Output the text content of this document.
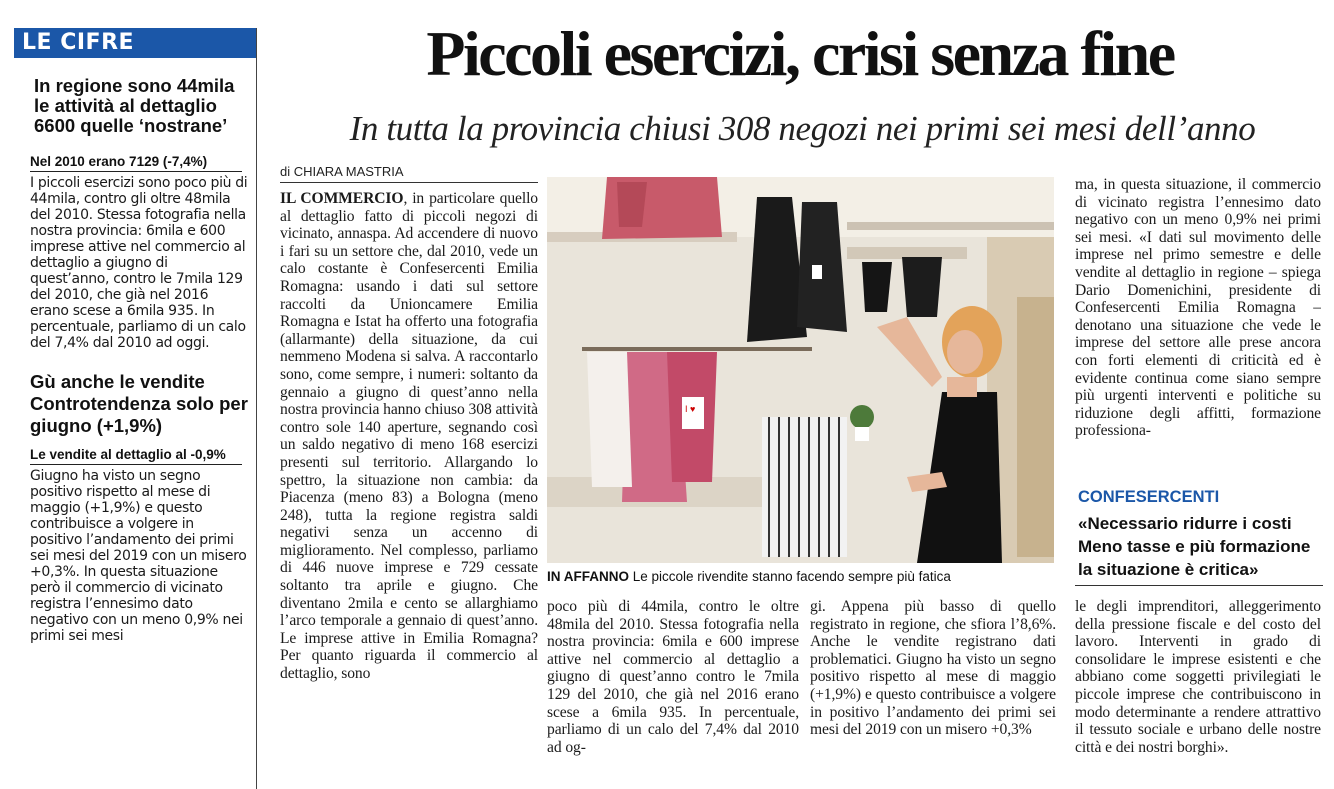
LE CIFRE
In regione sono 44mila le attività al dettaglio 6600 quelle ‘nostrane’
Nel 2010 erano 7129 (-7,4%)
I piccoli esercizi sono poco più di 44mila, contro gli oltre 48mila del 2010. Stessa fotografia nella nostra provincia: 6mila e 600 imprese attive nel commercio al dettaglio a giugno di quest’anno, contro le 7mila 129 del 2010, che già nel 2016 erano scese a 6mila 935. In percentuale, parliamo di un calo del 7,4% dal 2010 ad oggi.
Gù anche le vendite Controtendenza solo per giugno (+1,9%)
Le vendite al dettaglio al -0,9%
Giugno ha visto un segno positivo rispetto al mese di maggio (+1,9%) e questo contribuisce a volgere in positivo l’andamento dei primi sei mesi del 2019 con un misero +0,3%. In questa situazione però il commercio di vicinato registra l’ennesimo dato negativo con un meno 0,9% nei primi sei mesi
Piccoli esercizi, crisi senza fine
In tutta la provincia chiusi 308 negozi nei primi sei mesi dell’anno
di CHIARA MASTRIA
IL COMMERCIO, in particolare quello al dettaglio fatto di piccoli negozi di vicinato, annaspa. Ad accendere di nuovo i fari su un settore che, dal 2010, vede un calo costante è Confesercenti Emilia Romagna: usando i dati sul settore raccolti da Unioncamere Emilia Romagna e Istat ha offerto una fotografia (allarmante) della situazione, da cui nemmeno Modena si salva. A raccontarlo sono, come sempre, i numeri: soltanto da gennaio a giugno di quest’anno nella nostra provincia hanno chiuso 308 attività contro sole 140 aperture, segnando così un saldo negativo di meno 168 esercizi presenti sul territorio. Allargando lo spettro, la situazione non cambia: da Piacenza (meno 83) a Bologna (meno 248), tutta la regione registra saldi negativi senza un accenno di miglioramento. Nel complesso, parliamo di 446 nuove imprese e 729 cessate soltanto tra aprile e giugno. Che diventano 2mila e cento se allarghiamo l’arco temporale a gennaio di quest’anno. Le imprese attive in Emilia Romagna? Per quanto riguarda il commercio al dettaglio, sono
I ♥
IN AFFANNO Le piccole rivendite stanno facendo sempre più fatica
poco più di 44mila, contro le oltre 48mila del 2010. Stessa fotografia nella nostra provincia: 6mila e 600 imprese attive nel commercio al dettaglio a giugno di quest’anno contro le 7mila 129 del 2010, che già nel 2016 erano scese a 6mila 935. In percentuale, parliamo di un calo del 7,4% dal 2010 ad og-
gi. Appena più basso di quello registrato in regione, che sfiora l’8,6%. Anche le vendite registrano dati problematici. Giugno ha visto un segno positivo rispetto al mese di maggio (+1,9%) e questo contribuisce a volgere in positivo l’andamento dei primi sei mesi del 2019 con un misero +0,3%
ma, in questa situazione, il commercio di vicinato registra l’ennesimo dato negativo con un meno 0,9% nei primi sei mesi. «I dati sul movimento delle imprese nel primo semestre e delle vendite al dettaglio in regione – spiega Dario Domenichini, presidente di Confesercenti Emilia Romagna – denotano una situazione che vede le imprese del settore alle prese ancora con forti elementi di criticità ed è evidente continua come siano sempre più urgenti interventi e politiche su riduzione degli affitti, formazione professiona-
CONFESERCENTI
«Necessario ridurre i costi Meno tasse e più formazione la situazione è critica»
le degli imprenditori, alleggerimento della pressione fiscale e del costo del lavoro. Interventi in grado di consolidare le imprese esistenti e che abbiano come soggetti privilegiati le piccole imprese che contribuiscono in modo determinante a rendere attrattivo il tessuto sociale e urbano delle nostre città e dei nostri borghi».
